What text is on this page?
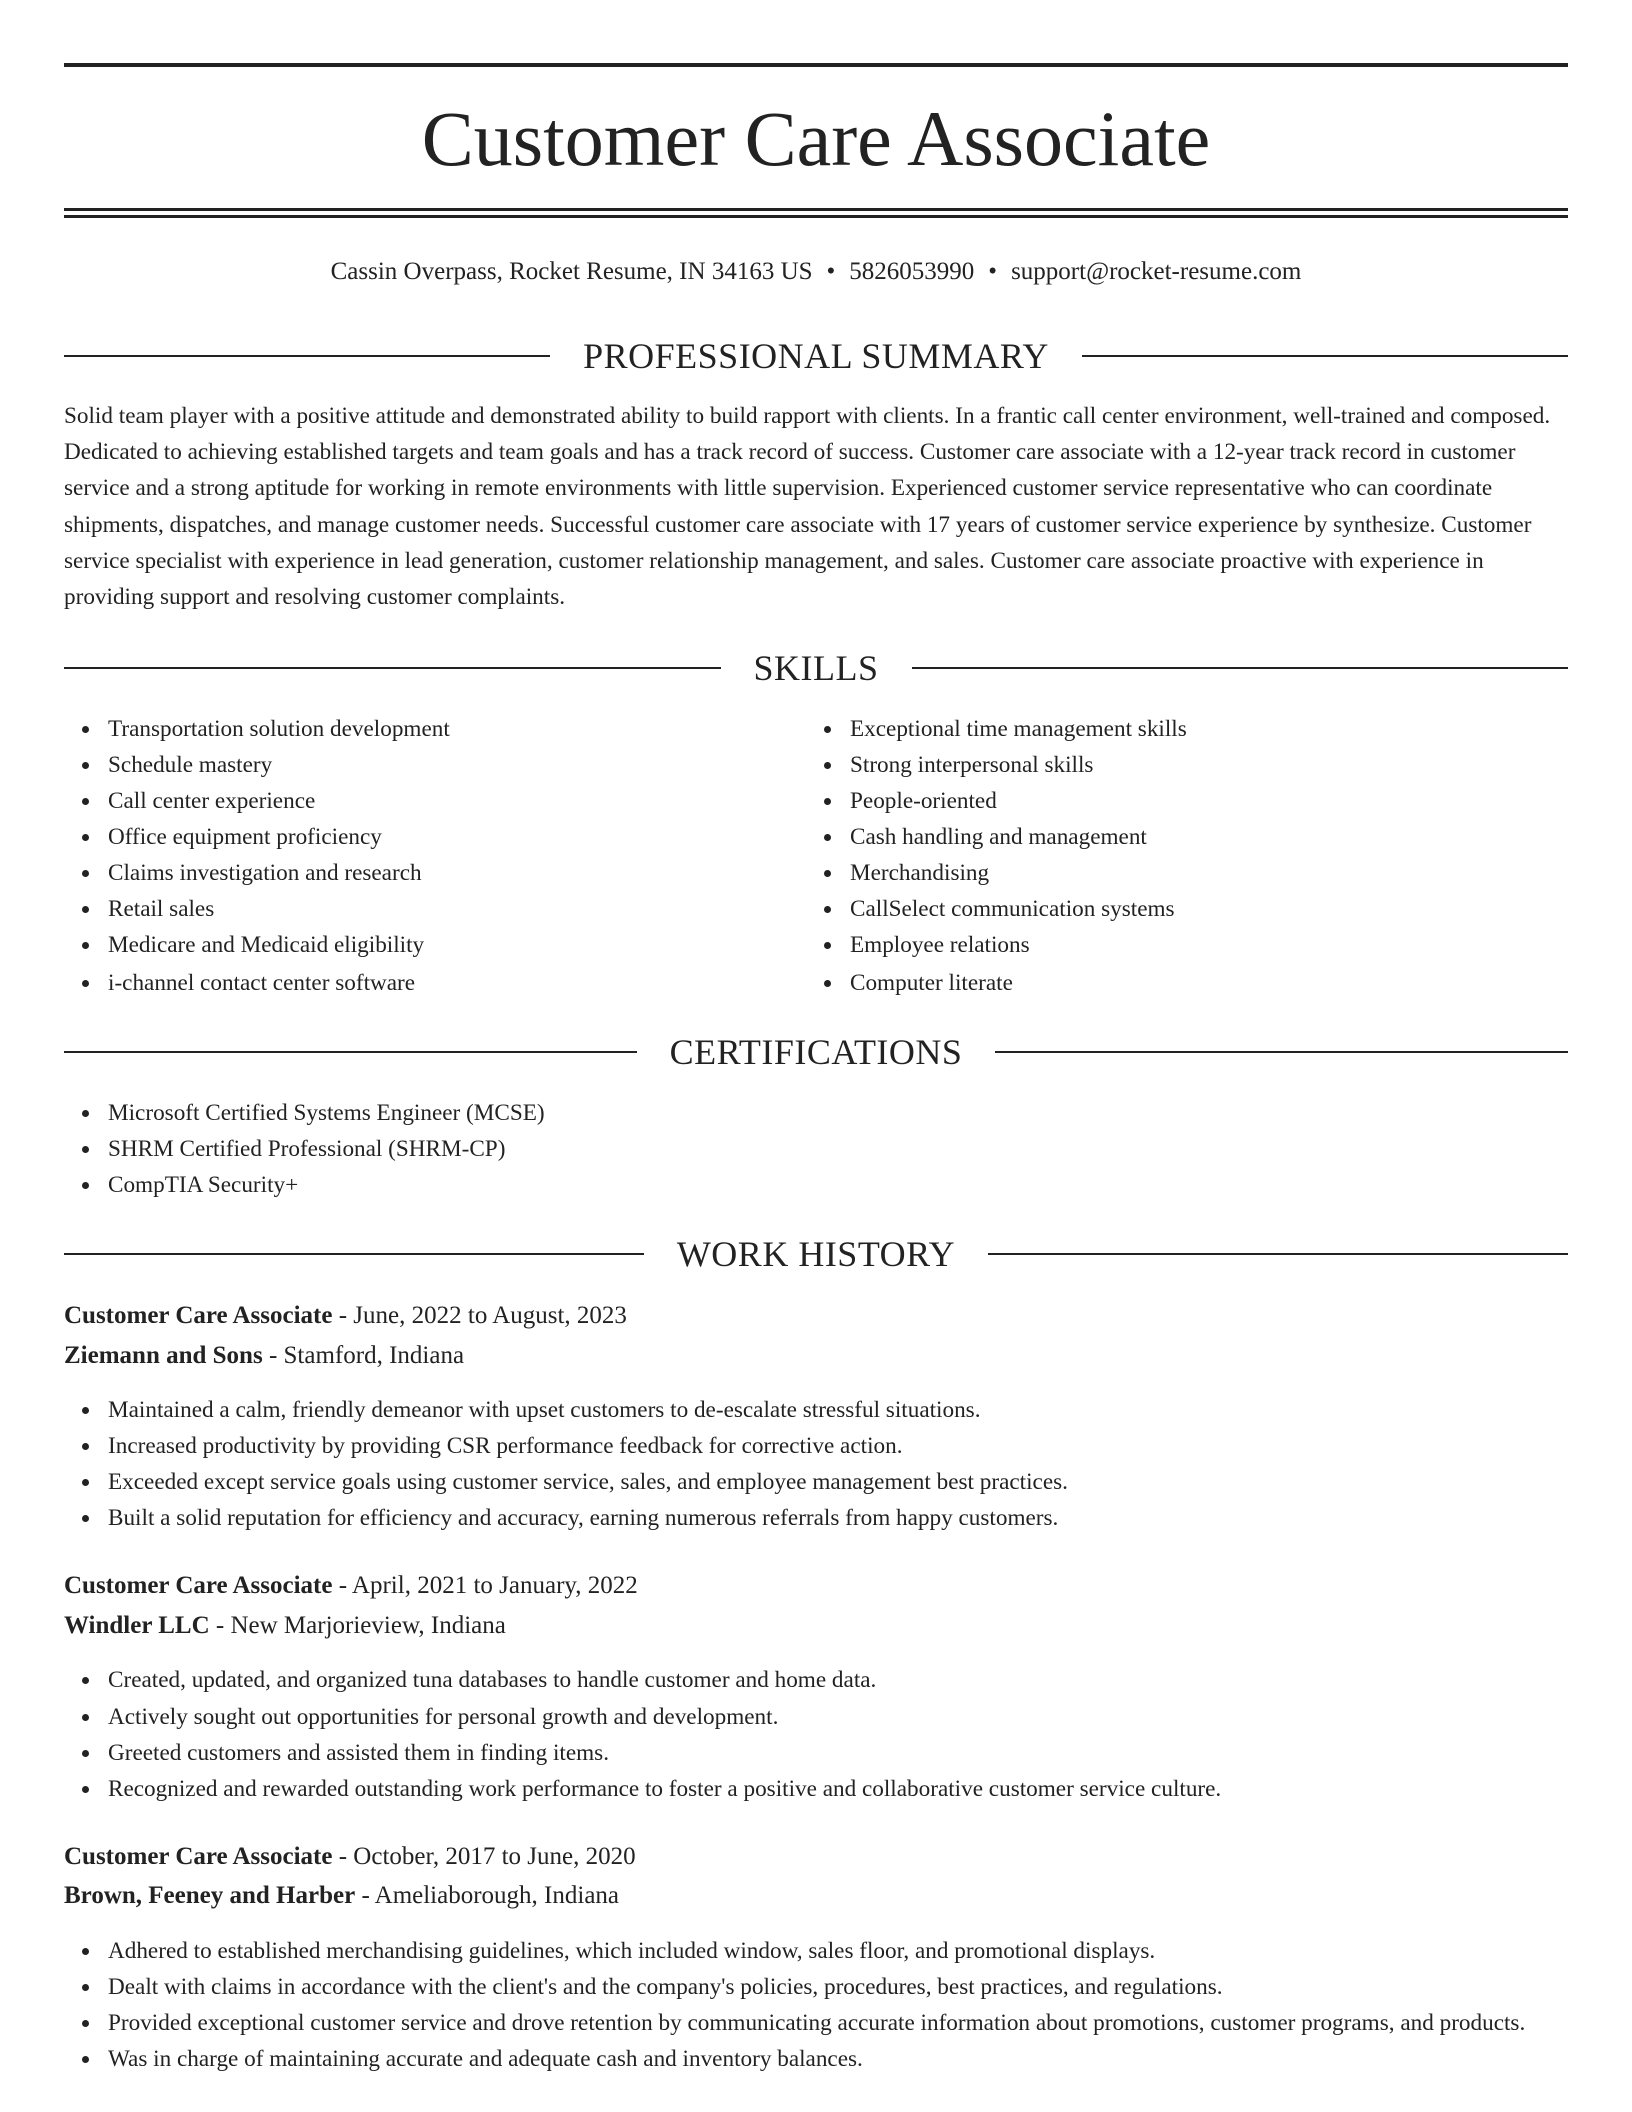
Customer Care Associate
Cassin Overpass, Rocket Resume, IN 34163 US • 5826053990 • support@rocket-resume.com
PROFESSIONAL SUMMARY

Solid team player with a positive attitude and demonstrated ability to build rapport with clients. In a frantic call center environment, well-trained and composed. Dedicated to achieving established targets and team goals and has a track record of success. Customer care associate with a 12-year track record in customer service and a strong aptitude for working in remote environments with little supervision. Experienced customer service representative who can coordinate shipments, dispatches, and manage customer needs. Successful customer care associate with 17 years of customer service experience by synthesize. Customer service specialist with experience in lead generation, customer relationship management, and sales. Customer care associate proactive with experience in providing support and resolving customer complaints.

SKILLS
Transportation solution development
Schedule mastery
Call center experience
Office equipment proficiency
Claims investigation and research
Retail sales
Medicare and Medicaid eligibility
i-channel contact center software
Exceptional time management skills
Strong interpersonal skills
People-oriented
Cash handling and management
Merchandising
CallSelect communication systems
Employee relations
Computer literate
CERTIFICATIONS
Microsoft Certified Systems Engineer (MCSE)
SHRM Certified Professional (SHRM-CP)
CompTIA Security+
WORK HISTORY
Customer Care Associate - June, 2022 to August, 2023
Ziemann and Sons - Stamford, Indiana
Maintained a calm, friendly demeanor with upset customers to de-escalate stressful situations.
Increased productivity by providing CSR performance feedback for corrective action.
Exceeded except service goals using customer service, sales, and employee management best practices.
Built a solid reputation for efficiency and accuracy, earning numerous referrals from happy customers.
Customer Care Associate - April, 2021 to January, 2022
Windler LLC - New Marjorieview, Indiana
Created, updated, and organized tuna databases to handle customer and home data.
Actively sought out opportunities for personal growth and development.
Greeted customers and assisted them in finding items.
Recognized and rewarded outstanding work performance to foster a positive and collaborative customer service culture.
Customer Care Associate - October, 2017 to June, 2020
Brown, Feeney and Harber - Ameliaborough, Indiana
Adhered to established merchandising guidelines, which included window, sales floor, and promotional displays.
Dealt with claims in accordance with the client's and the company's policies, procedures, best practices, and regulations.
Provided exceptional customer service and drove retention by communicating accurate information about promotions, customer programs, and products.
Was in charge of maintaining accurate and adequate cash and inventory balances.
